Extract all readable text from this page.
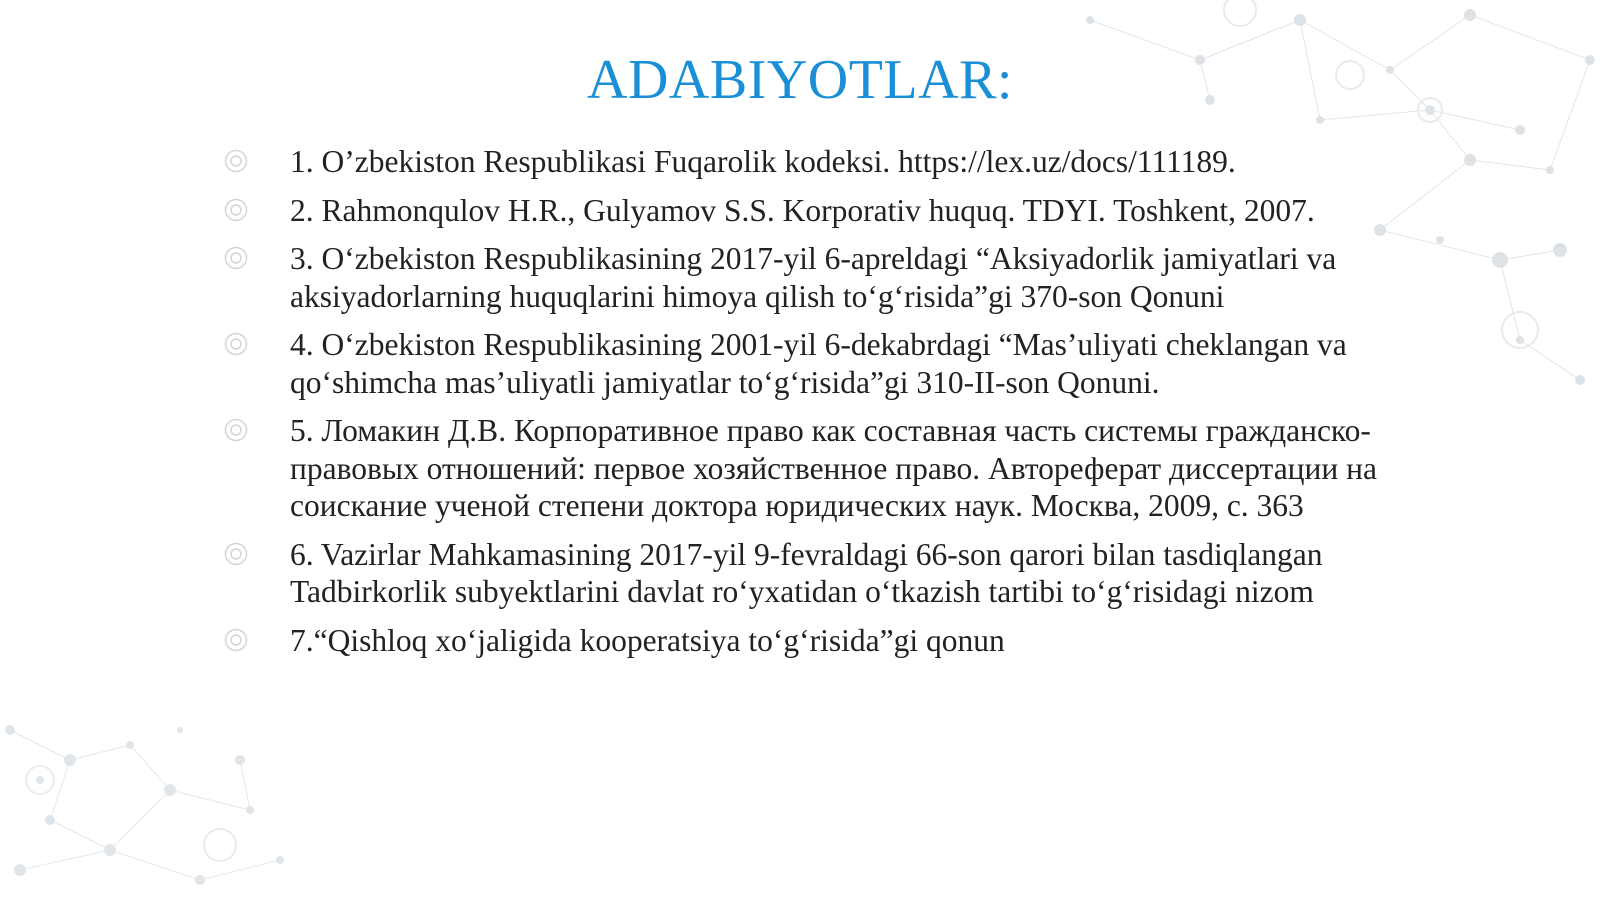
ADABIYOTLAR:
1. O’zbekiston Respublikasi Fuqarolik kodeksi. https://lex.uz/docs/111189.
2. Rahmonqulov H.R., Gulyamov S.S. Korporativ huquq. TDYI. Toshkent, 2007.
3. O‘zbekiston Respublikasining 2017-yil 6-apreldagi “Aksiyadorlik jamiyatlari va aksiyadorlarning huquqlarini himoya qilish to‘g‘risida”gi 370-son Qonuni
4. O‘zbekiston Respublikasining 2001-yil 6-dekabrdagi “Mas’uliyati cheklangan va qo‘shimcha mas’uliyatli jamiyatlar to‘g‘risida”gi 310-II-son Qonuni.
5. Ломакин Д.В. Корпоративное право как составная часть системы гражданско-правовых отношений: первое хозяйственное право. Автореферат диссертации на соискание ученой степени доктора юридических наук. Москва, 2009, с. 363
6. Vazirlar Mahkamasining 2017-yil 9-fevraldagi 66-son qarori bilan tasdiqlangan Tadbirkorlik subyektlarini davlat ro‘yxatidan o‘tkazish tartibi to‘g‘risidagi nizom
7.“Qishloq xo‘jaligida kooperatsiya to‘g‘risida”gi qonun
